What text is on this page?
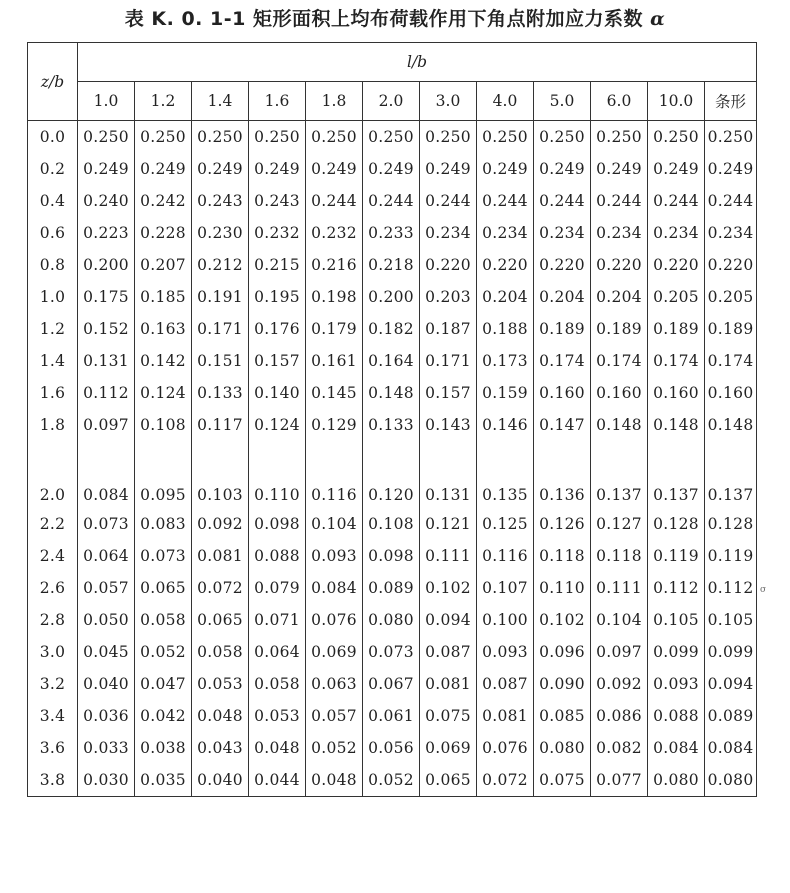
表 K. 0. 1-1 矩形面积上均布荷载作用下角点附加应力系数 α
z/b	l/b											
	1.0	1.2	1.4	1.6	1.8	2.0	3.0	4.0	5.0	6.0	10.0	条形
0.0	0.250	0.250	0.250	0.250	0.250	0.250	0.250	0.250	0.250	0.250	0.250	0.250
0.2	0.249	0.249	0.249	0.249	0.249	0.249	0.249	0.249	0.249	0.249	0.249	0.249
0.4	0.240	0.242	0.243	0.243	0.244	0.244	0.244	0.244	0.244	0.244	0.244	0.244
0.6	0.223	0.228	0.230	0.232	0.232	0.233	0.234	0.234	0.234	0.234	0.234	0.234
0.8	0.200	0.207	0.212	0.215	0.216	0.218	0.220	0.220	0.220	0.220	0.220	0.220
1.0	0.175	0.185	0.191	0.195	0.198	0.200	0.203	0.204	0.204	0.204	0.205	0.205
1.2	0.152	0.163	0.171	0.176	0.179	0.182	0.187	0.188	0.189	0.189	0.189	0.189
1.4	0.131	0.142	0.151	0.157	0.161	0.164	0.171	0.173	0.174	0.174	0.174	0.174
1.6	0.112	0.124	0.133	0.140	0.145	0.148	0.157	0.159	0.160	0.160	0.160	0.160
1.8	0.097	0.108	0.117	0.124	0.129	0.133	0.143	0.146	0.147	0.148	0.148	0.148

2.0	0.084	0.095	0.103	0.110	0.116	0.120	0.131	0.135	0.136	0.137	0.137	0.137
2.2	0.073	0.083	0.092	0.098	0.104	0.108	0.121	0.125	0.126	0.127	0.128	0.128
2.4	0.064	0.073	0.081	0.088	0.093	0.098	0.111	0.116	0.118	0.118	0.119	0.119
2.6	0.057	0.065	0.072	0.079	0.084	0.089	0.102	0.107	0.110	0.111	0.112	0.112
2.8	0.050	0.058	0.065	0.071	0.076	0.080	0.094	0.100	0.102	0.104	0.105	0.105
3.0	0.045	0.052	0.058	0.064	0.069	0.073	0.087	0.093	0.096	0.097	0.099	0.099
3.2	0.040	0.047	0.053	0.058	0.063	0.067	0.081	0.087	0.090	0.092	0.093	0.094
3.4	0.036	0.042	0.048	0.053	0.057	0.061	0.075	0.081	0.085	0.086	0.088	0.089
3.6	0.033	0.038	0.043	0.048	0.052	0.056	0.069	0.076	0.080	0.082	0.084	0.084
3.8	0.030	0.035	0.040	0.044	0.048	0.052	0.065	0.072	0.075	0.077	0.080	0.080
σ
